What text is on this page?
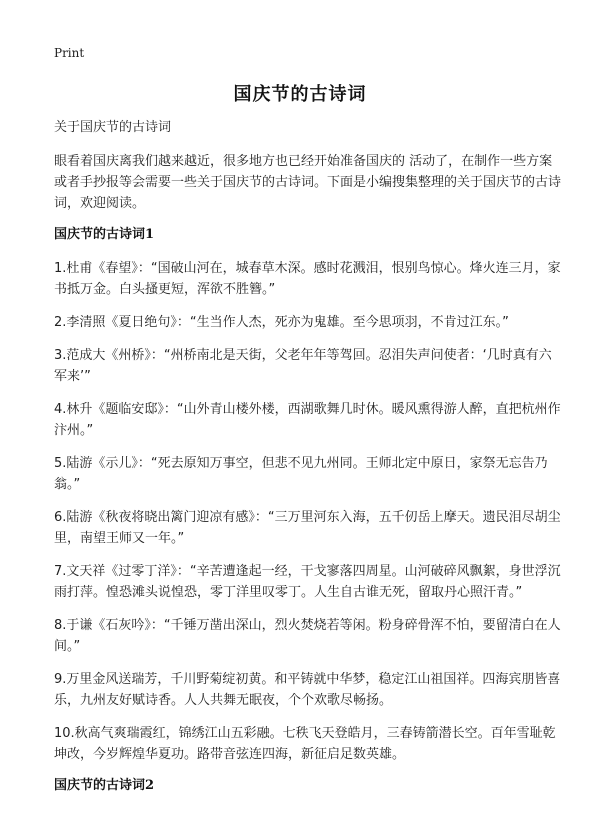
Print
国庆节的古诗词
关于国庆节的古诗词

眼看着国庆离我们越来越近，很多地方也已经开始准备国庆的 活动了，在制作一些方案或者手抄报等会需要一些关于国庆节的古诗词。下面是小编搜集整理的关于国庆节的古诗词，欢迎阅读。

国庆节的古诗词1

1.杜甫《春望》：“国破山河在，城春草木深。感时花溅泪，恨别鸟惊心。烽火连三月，家书抵万金。白头搔更短，浑欲不胜簪。”

2.李清照《夏日绝句》：“生当作人杰，死亦为鬼雄。至今思项羽，不肯过江东。”

3.范成大《州桥》：“州桥南北是天街，父老年年等驾回。忍泪失声问使者：‘几时真有六军来’”

4.林升《题临安邸》：“山外青山楼外楼，西湖歌舞几时休。暖风熏得游人醉，直把杭州作汴州。”

5.陆游《示儿》：“死去原知万事空，但悲不见九州同。王师北定中原日，家祭无忘告乃翁。”

6.陆游《秋夜将晓出篱门迎凉有感》：“三万里河东入海，五千仞岳上摩天。遗民泪尽胡尘里，南望王师又一年。”

7.文天祥《过零丁洋》：“辛苦遭逢起一经，干戈寥落四周星。山河破碎风飘絮，身世浮沉雨打萍。惶恐滩头说惶恐，零丁洋里叹零丁。人生自古谁无死，留取丹心照汗青。”

8.于谦《石灰吟》：“千锤万凿出深山，烈火焚烧若等闲。粉身碎骨浑不怕，要留清白在人间。”

9.万里金风送瑞芳，千川野菊绽初黄。和平铸就中华梦，稳定江山祖国祥。四海宾朋皆喜乐，九州友好赋诗香。人人共舞无眠夜，个个欢歌尽畅扬。

10.秋高气爽瑞霞红，锦绣江山五彩融。七秩飞天登皓月，三春铸箭潜长空。百年雪耻乾坤改，今岁辉煌华夏功。路带音弦连四海，新征启足数英雄。

国庆节的古诗词2
